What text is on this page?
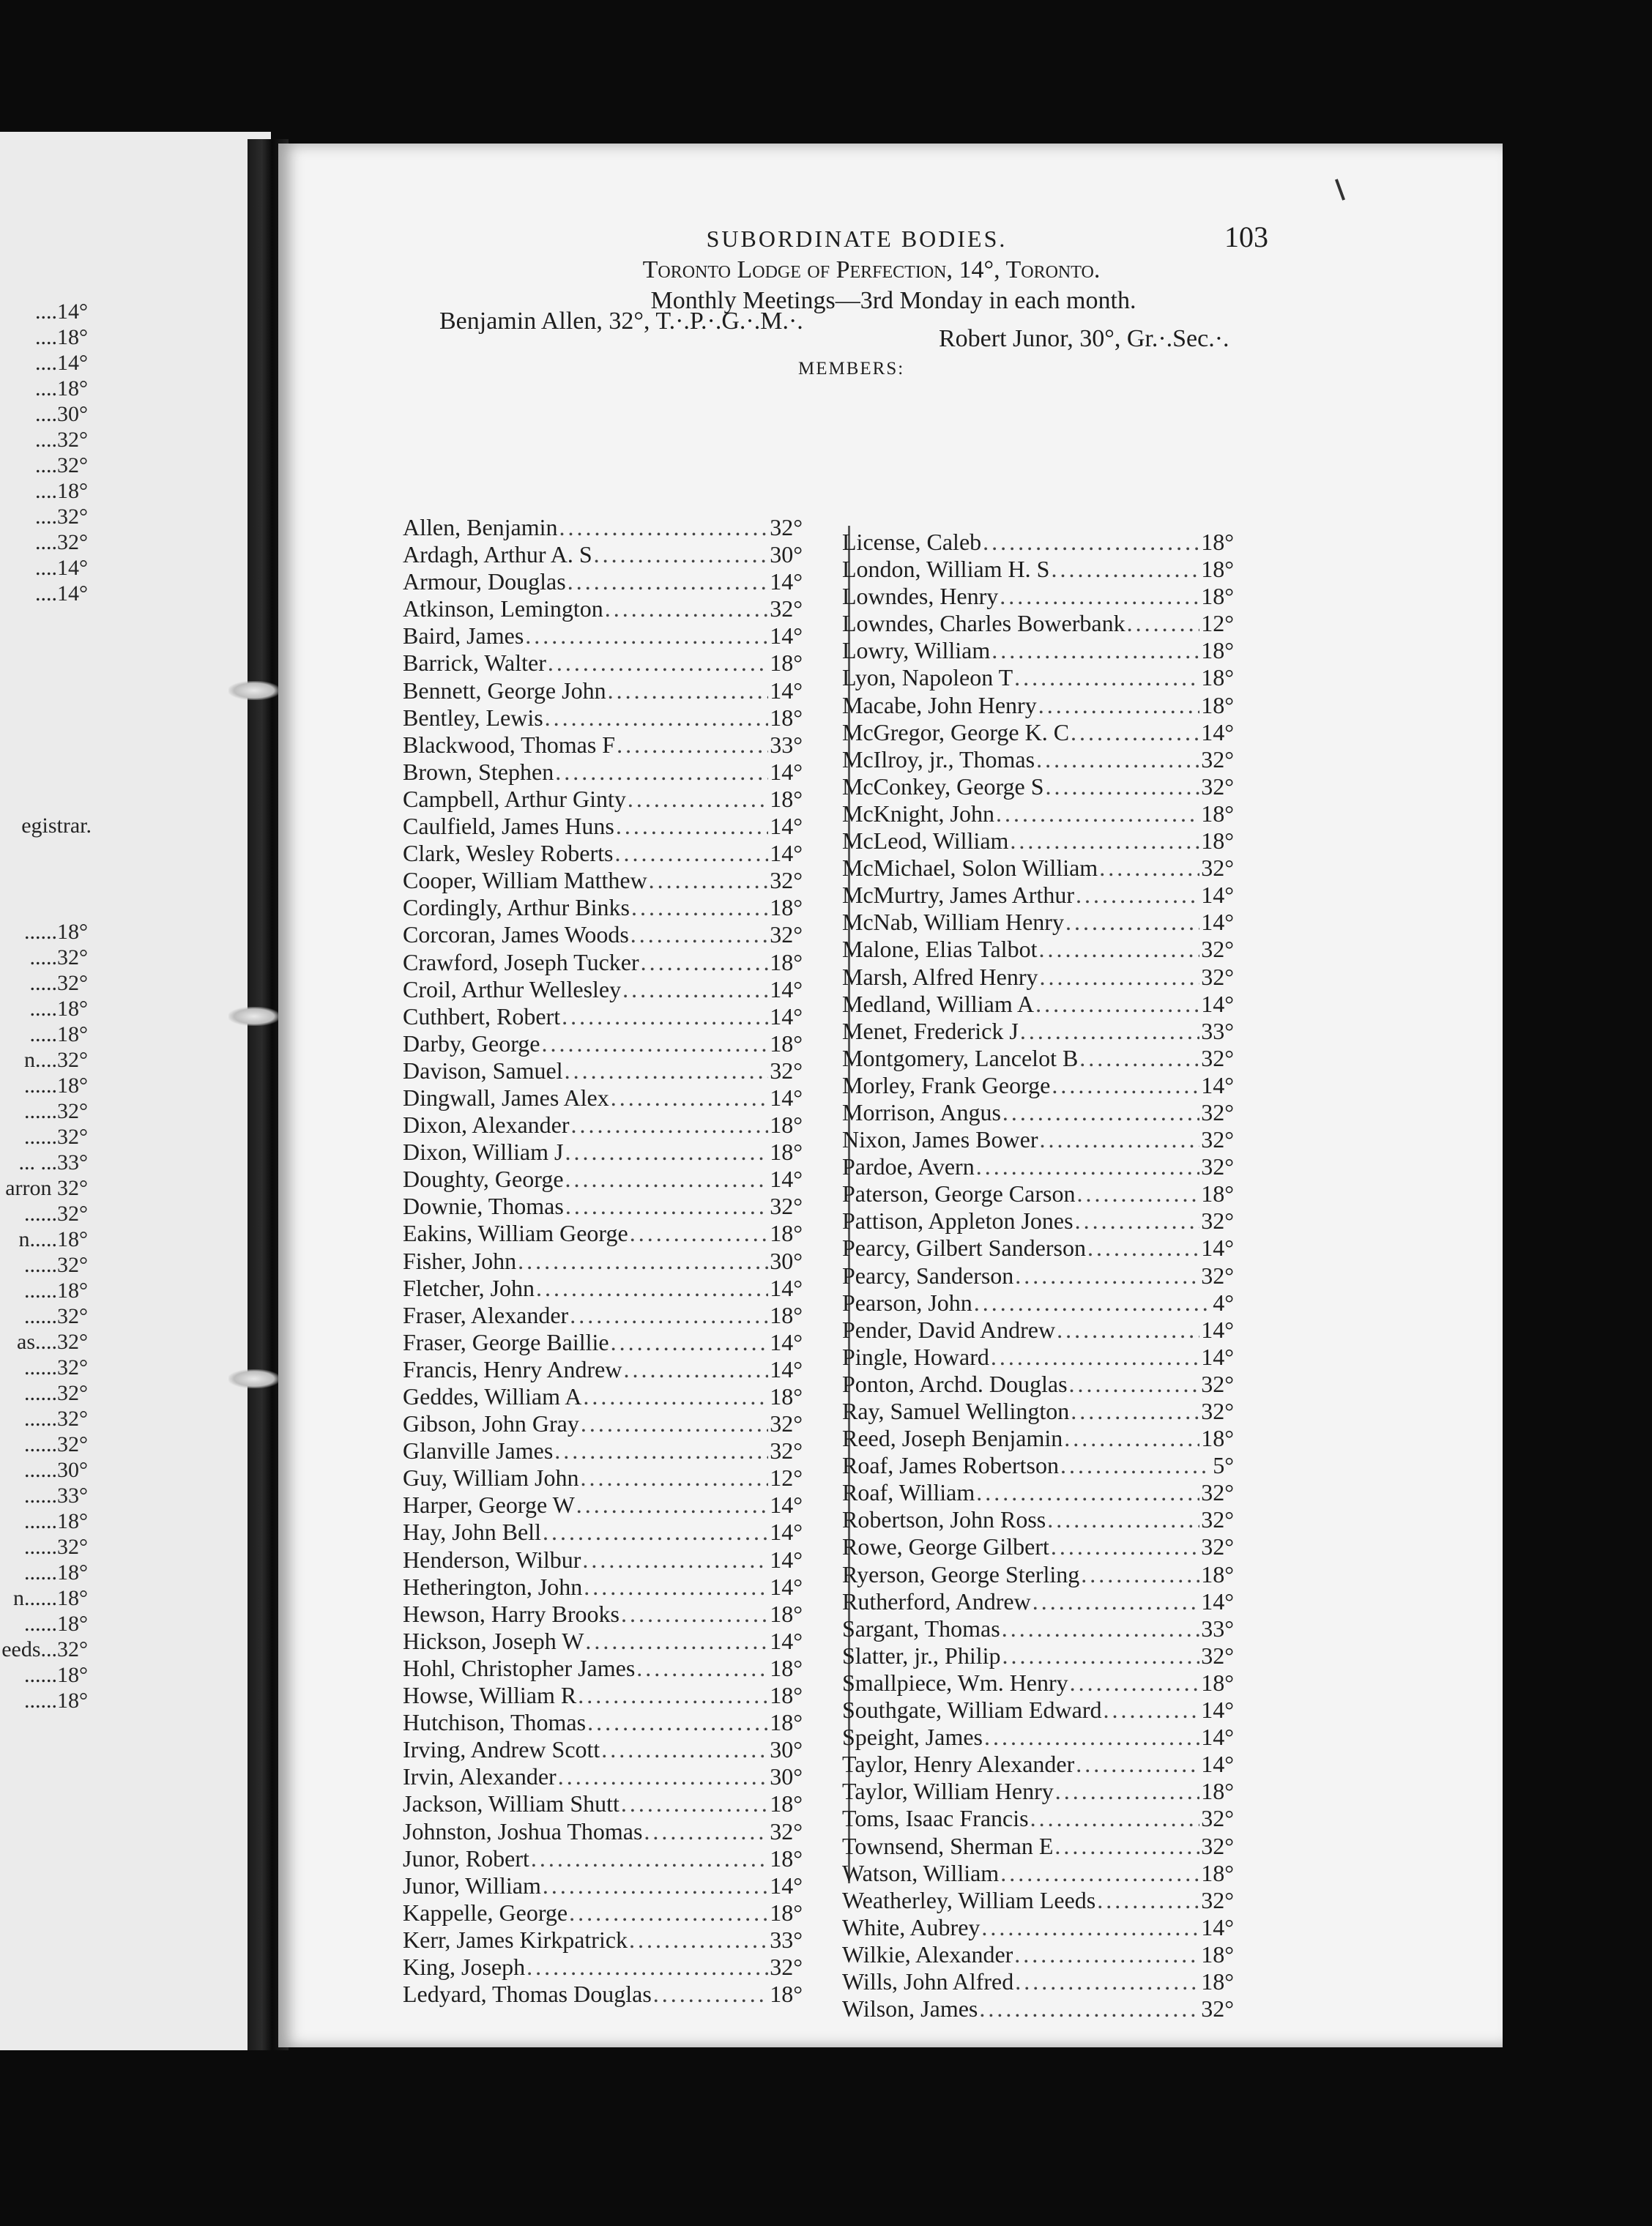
....14°
....18°
....14°
....18°
....30°
....32°
....32°
....18°
....32°
....32°
....14°
....14°
egistrar.
......18°
.....32°
.....32°
.....18°
.....18°
n....32°
......18°
......32°
......32°
... ...33°
arron 32°
......32°
n.....18°
......32°
......18°
......32°
as....32°
......32°
......32°
......32°
......32°
......30°
......33°
......18°
......32°
......18°
n......18°
......18°
eeds...32°
......18°
......18°
SUBORDINATE BODIES.	103
Toronto Lodge of Perfection, 14°, Toronto.
Monthly Meetings—3rd Monday in each month.
Benjamin Allen, 32°, T.·.P.·.G.·.M.·.
Robert Junor, 30°, Gr.·.Sec.·.
MEMBERS:
Allen, Benjamin .....	32°
Ardagh, Arthur A. S .....	30°
Armour, Douglas .....	14°
Atkinson, Lemington .....	32°
Baird, James .....	14°
Barrick, Walter .....	18°
Bennett, George John .....	14°
Bentley, Lewis .....	18°
Blackwood, Thomas F .....	33°
Brown, Stephen .....	14°
Campbell, Arthur Ginty .....	18°
Caulfield, James Huns .....	14°
Clark, Wesley Roberts .....	14°
Cooper, William Matthew .....	32°
Cordingly, Arthur Binks .....	18°
Corcoran, James Woods .....	32°
Crawford, Joseph Tucker .....	18°
Croil, Arthur Wellesley .....	14°
Cuthbert, Robert .....	14°
Darby, George .....	18°
Davison, Samuel .....	32°
Dingwall, James Alex .....	14°
Dixon, Alexander .....	18°
Dixon, William J .....	18°
Doughty, George .....	14°
Downie, Thomas .....	32°
Eakins, William George .....	18°
Fisher, John .....	30°
Fletcher, John .....	14°
Fraser, Alexander .....	18°
Fraser, George Baillie .....	14°
Francis, Henry Andrew .....	14°
Geddes, William A .....	18°
Gibson, John Gray .....	32°
Glanville James .....	32°
Guy, William John .....	12°
Harper, George W .....	14°
Hay, John Bell .....	14°
Henderson, Wilbur .....	14°
Hetherington, John .....	14°
Hewson, Harry Brooks .....	18°
Hickson, Joseph W .....	14°
Hohl, Christopher James .....	18°
Howse, William R .....	18°
Hutchison, Thomas .....	18°
Irving, Andrew Scott .....	30°
Irvin, Alexander .....	30°
Jackson, William Shutt .....	18°
Johnston, Joshua Thomas .....	32°
Junor, Robert .....	18°
Junor, William .....	14°
Kappelle, George .....	18°
Kerr, James Kirkpatrick .....	33°
King, Joseph .....	32°
Ledyard, Thomas Douglas .....	18°
License, Caleb .....	18°
London, William H. S .....	18°
Lowndes, Henry .....	18°
Lowndes, Charles Bowerbank .....	12°
Lowry, William .....	18°
Lyon, Napoleon T .....	18°
Macabe, John Henry .....	18°
McGregor, George K. C .....	14°
McIlroy, jr., Thomas .....	32°
McConkey, George S .....	32°
McKnight, John .....	18°
McLeod, William .....	18°
McMichael, Solon William .....	32°
McMurtry, James Arthur .....	14°
McNab, William Henry .....	14°
Malone, Elias Talbot .....	32°
Marsh, Alfred Henry .....	32°
Medland, William A .....	14°
Menet, Frederick J .....	33°
Montgomery, Lancelot B .....	32°
Morley, Frank George .....	14°
Morrison, Angus .....	32°
Nixon, James Bower .....	32°
Pardoe, Avern .....	32°
Paterson, George Carson .....	18°
Pattison, Appleton Jones .....	32°
Pearcy, Gilbert Sanderson .....	14°
Pearcy, Sanderson .....	32°
Pearson, John .....	4°
Pender, David Andrew .....	14°
Pingle, Howard .....	14°
Ponton, Archd. Douglas .....	32°
Ray, Samuel Wellington .....	32°
Reed, Joseph Benjamin .....	18°
Roaf, James Robertson .....	5°
Roaf, William .....	32°
Robertson, John Ross .....	32°
Rowe, George Gilbert .....	32°
Ryerson, George Sterling .....	18°
Rutherford, Andrew .....	14°
Sargant, Thomas .....	33°
Slatter, jr., Philip .....	32°
Smallpiece, Wm. Henry .....	18°
Southgate, William Edward .....	14°
Speight, James .....	14°
Taylor, Henry Alexander .....	14°
Taylor, William Henry .....	18°
Toms, Isaac Francis .....	32°
Townsend, Sherman E .....	32°
Watson, William .....	18°
Weatherley, William Leeds .....	32°
White, Aubrey .....	14°
Wilkie, Alexander .....	18°
Wills, John Alfred .....	18°
Wilson, James .....	32°
